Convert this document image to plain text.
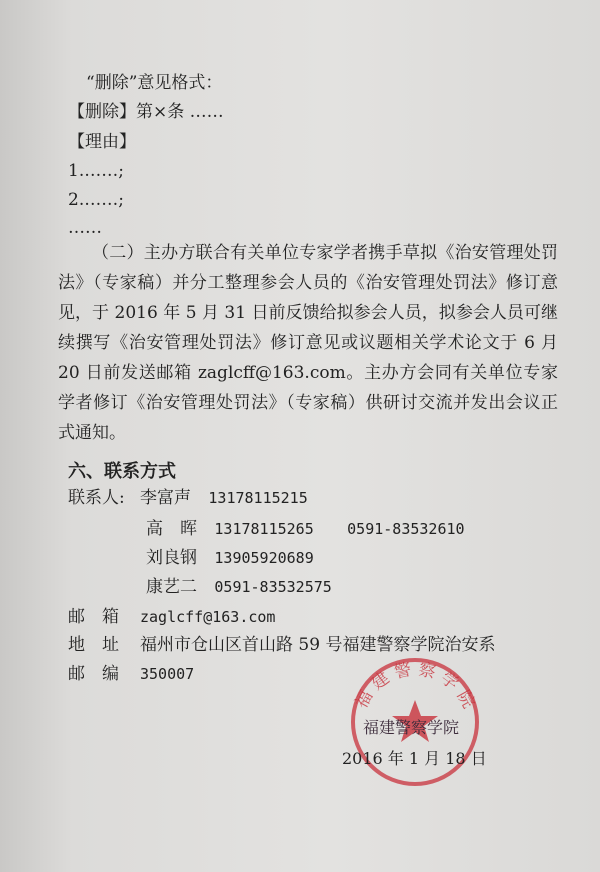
“删除”意见格式：
【删除】第×条 ……
【理由】
1.……;
2.……;
……

（二）主办方联合有关单位专家学者携手草拟《治安管理处罚法》（专家稿）并分工整理参会人员的《治安管理处罚法》修订意见，于 2016 年 5 月 31 日前反馈给拟参会人员，拟参会人员可继续撰写《治安管理处罚法》修订意见或议题相关学术论文于 6 月 20 日前发送邮箱 zaglcff@163.com。主办方会同有关单位专家学者修订《治安管理处罚法》（专家稿）供研讨交流并发出会议正式通知。

六、联系方式
联系人: 李富声 13178115215
高　晖 13178115265 0591-83532610
刘良钢 13905920689
康艺二 0591-83532575
邮　箱 zaglcff@163.com
地　址 福州市仓山区首山路 59 号福建警察学院治安系
邮　编 350007
福 建 警 察 学 院
福建警察学院
2016 年 1 月 18 日
